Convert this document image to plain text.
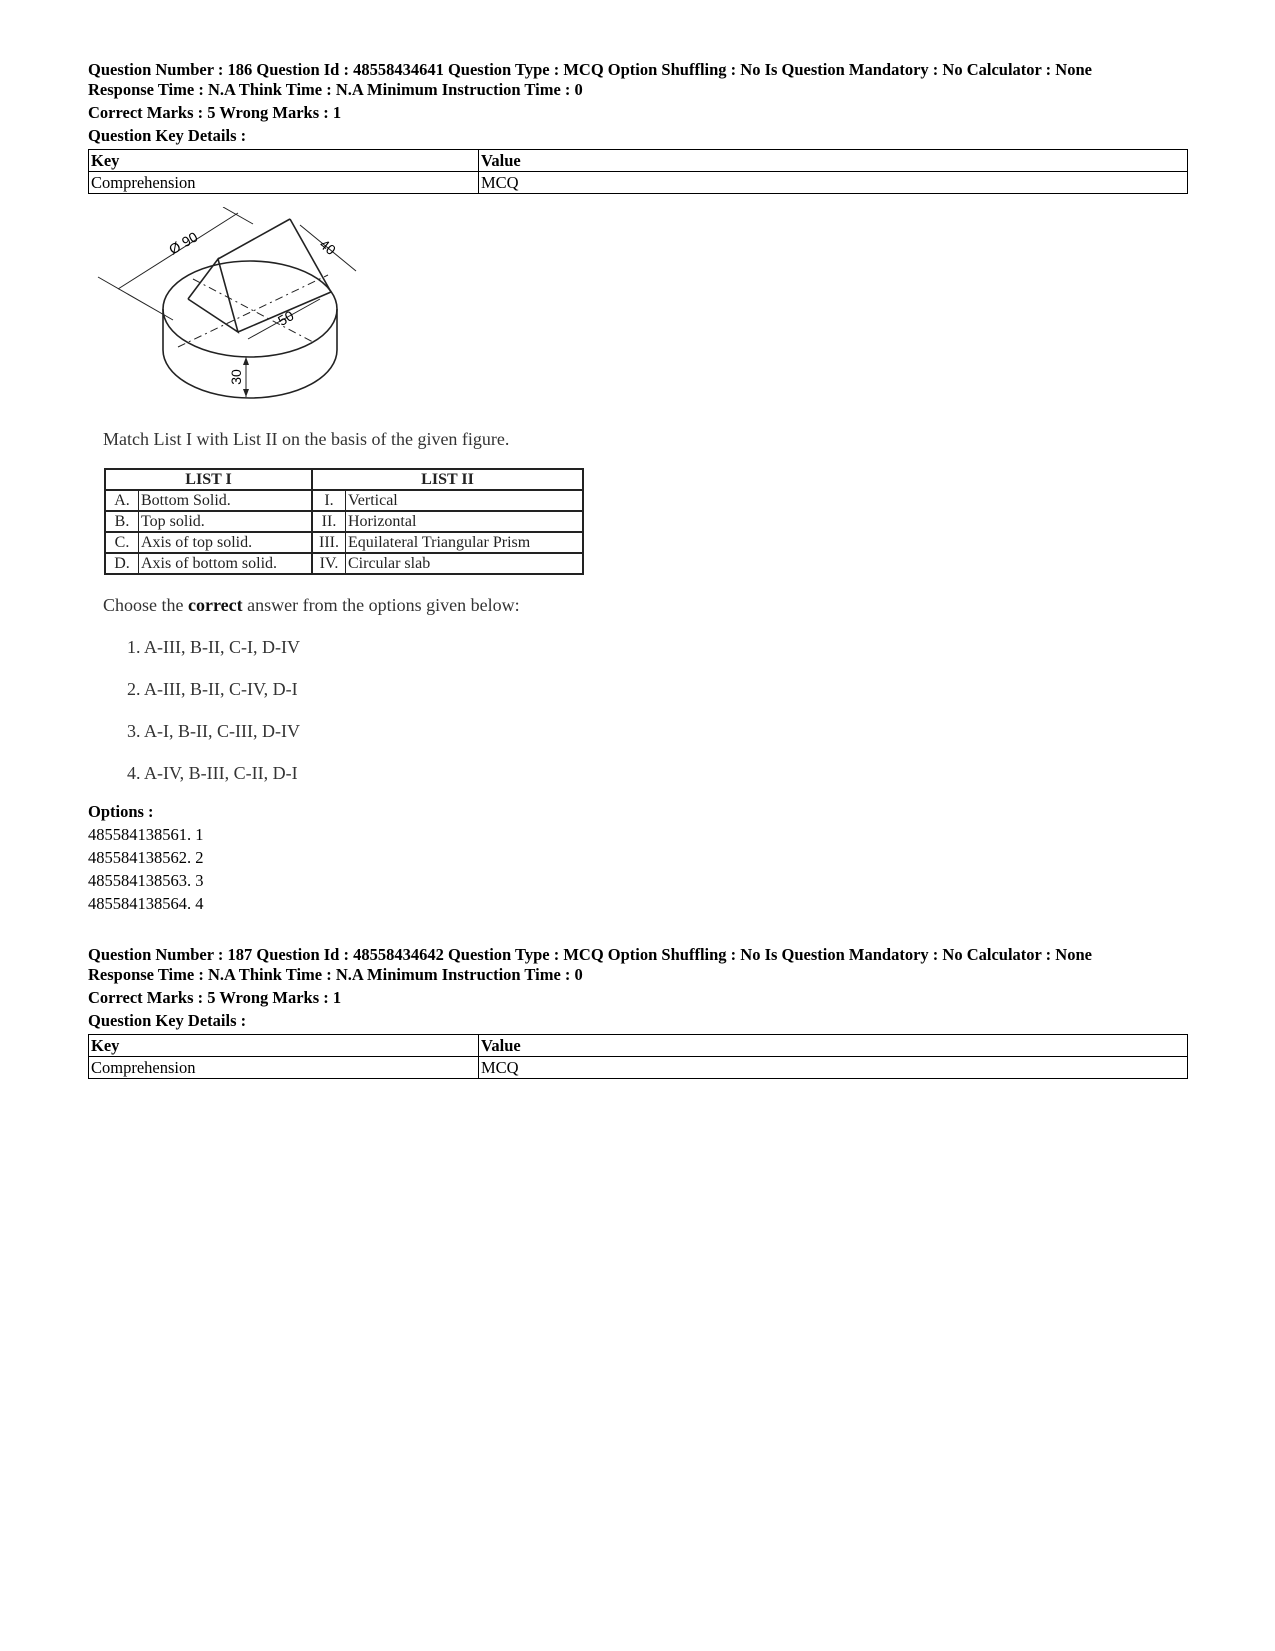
Question Number : 186 Question Id : 48558434641 Question Type : MCQ Option Shuffling : No Is Question Mandatory : No Calculator : None
Response Time : N.A Think Time : N.A Minimum Instruction Time : 0
Correct Marks : 5 Wrong Marks : 1
Question Key Details :
Key	Value
Comprehension	MCQ
Ø 90	40
50
30
Match List I with List II on the basis of the given figure.
LIST I		LIST II	
A.	Bottom Solid.	I.	Vertical
B.	Top solid.	II.	Horizontal
C.	Axis of top solid.	III.	Equilateral Triangular Prism
D.	Axis of bottom solid.	IV.	Circular slab
Choose the correct answer from the options given below:
1. A-III, B-II, C-I, D-IV
2. A-III, B-II, C-IV, D-I
3. A-I, B-II, C-III, D-IV
4. A-IV, B-III, C-II, D-I
Options :
485584138561. 1
485584138562. 2
485584138563. 3
485584138564. 4
Question Number : 187 Question Id : 48558434642 Question Type : MCQ Option Shuffling : No Is Question Mandatory : No Calculator : None
Response Time : N.A Think Time : N.A Minimum Instruction Time : 0
Correct Marks : 5 Wrong Marks : 1
Question Key Details :
Key	Value
Comprehension	MCQ
